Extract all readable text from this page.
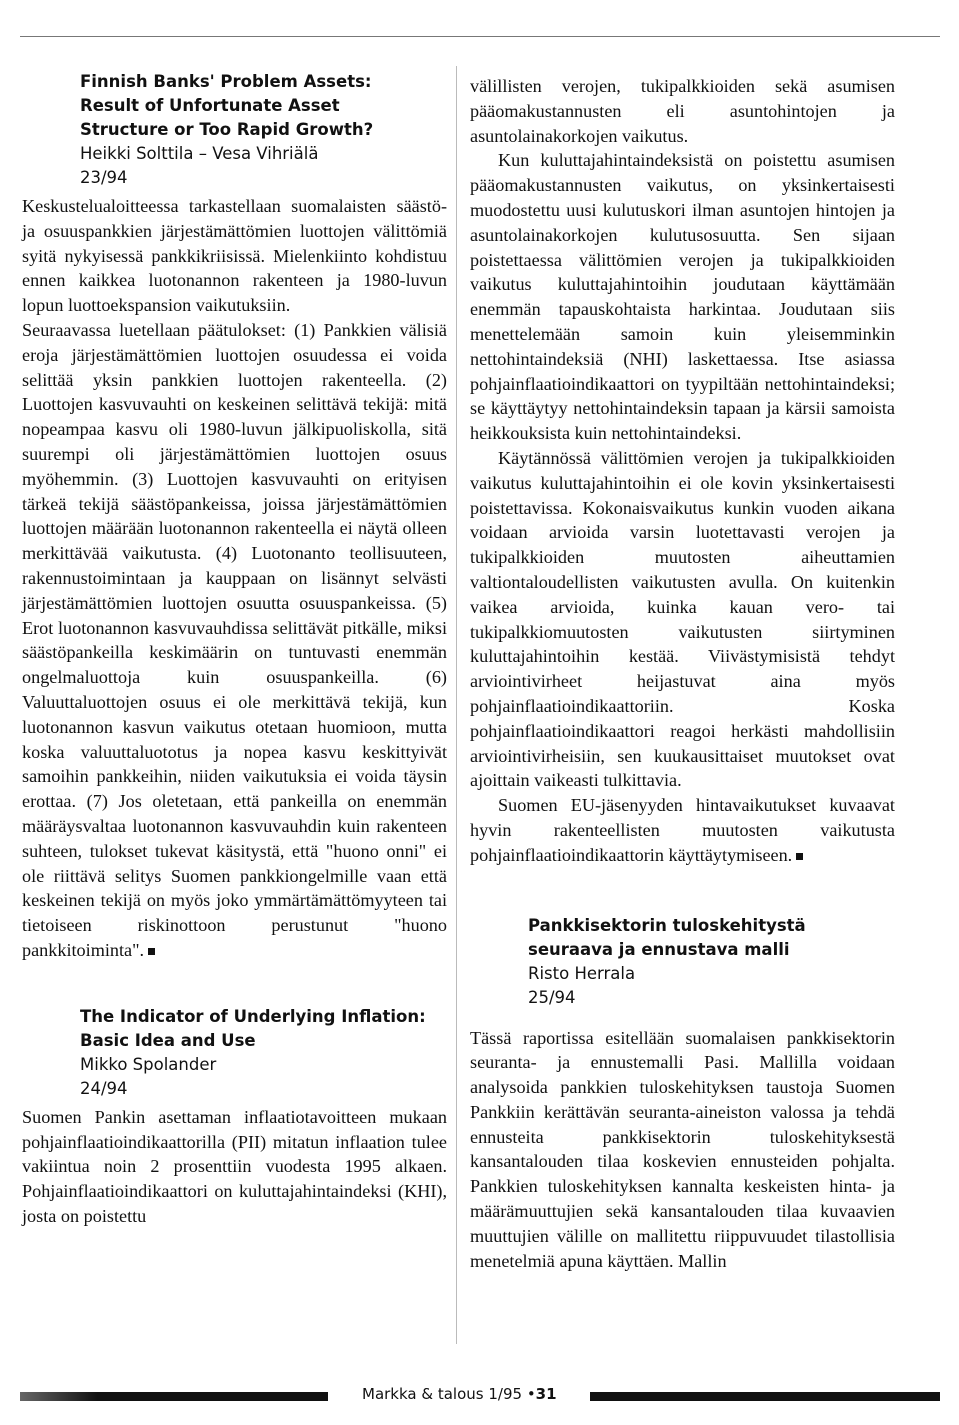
Finnish Banks' Problem Assets:
Result of Unfortunate Asset
Structure or Too Rapid Growth?
Heikki Solttila – Vesa Vihriälä
23/94

Keskustelualoitteessa tarkastellaan suomalaisten säästö- ja osuuspankkien järjestämättömien luottojen välittömiä syitä nykyisessä pankkikriisissä. Mielenkiinto kohdistuu ennen kaikkea luotonannon rakenteen ja 1980-luvun lopun luottoekspansion vaikutuksiin.

Seuraavassa luetellaan päätulokset: (1) Pankkien välisiä eroja järjestämättömien luottojen osuudessa ei voida selittää yksin pankkien luottojen rakenteella. (2) Luottojen kasvuvauhti on keskeinen selittävä tekijä: mitä nopeampaa kasvu oli 1980-luvun jälkipuoliskolla, sitä suurempi oli järjestämättömien luottojen osuus myöhemmin. (3) Luottojen kasvuvauhti on erityisen tärkeä tekijä säästöpankeissa, joissa järjestämättömien luottojen määrään luotonannon rakenteella ei näytä olleen merkittävää vaikutusta. (4) Luotonanto teollisuuteen, rakennustoimintaan ja kauppaan on lisännyt selvästi järjestämättömien luottojen osuutta osuuspankeissa. (5) Erot luotonannon kasvuvauhdissa selittävät pitkälle, miksi säästöpankeilla keskimäärin on tuntuvasti enemmän ongelmaluottoja kuin osuuspankeilla. (6) Valuuttaluottojen osuus ei ole merkittävä tekijä, kun luotonannon kasvun vaikutus otetaan huomioon, mutta koska valuuttaluototus ja nopea kasvu keskittyivät samoihin pankkeihin, niiden vaikutuksia ei voida täysin erottaa. (7) Jos oletetaan, että pankeilla on enemmän määräysvaltaa luotonannon kasvuvauhdin kuin rakenteen suhteen, tulokset tukevat käsitystä, että "huono onni" ei ole riittävä selitys Suomen pankkiongelmille vaan että keskeinen tekijä on myös joko ymmärtämättömyyteen tai tietoiseen riskinottoon perustunut "huono pankkitoiminta".

The Indicator of Underlying Inflation:
Basic Idea and Use
Mikko Spolander
24/94

Suomen Pankin asettaman inflaatiotavoitteen mukaan pohjainflaatioindikaattorilla (PII) mitatun inflaation tulee vakiintua noin 2 prosenttiin vuodesta 1995 alkaen. Pohjainflaatioindikaattori on kuluttajahintaindeksi (KHI), josta on poistettu

välillisten verojen, tukipalkkioiden sekä asumisen pääomakustannusten eli asuntohintojen ja asuntolainakorkojen vaikutus.

Kun kuluttajahintaindeksistä on poistettu asumisen pääomakustannusten vaikutus, on yksinkertaisesti muodostettu uusi kulutuskori ilman asuntojen hintojen ja asuntolainakorkojen kulutusosuutta. Sen sijaan poistettaessa välittömien verojen ja tukipalkkioiden vaikutus kuluttajahintoihin joudutaan käyttämään enemmän tapauskohtaista harkintaa. Joudutaan siis menettelemään samoin kuin yleisemminkin nettohintaindeksiä (NHI) laskettaessa. Itse asiassa pohjainflaatioindikaattori on tyypiltään nettohintaindeksi; se käyttäytyy nettohintaindeksin tapaan ja kärsii samoista heikkouksista kuin nettohintaindeksi.

Käytännössä välittömien verojen ja tukipalkkioiden vaikutus kuluttajahintoihin ei ole kovin yksinkertaisesti poistettavissa. Kokonaisvaikutus kunkin vuoden aikana voidaan arvioida varsin luotettavasti verojen ja tukipalkkioiden muutosten aiheuttamien valtiontaloudellisten vaikutusten avulla. On kuitenkin vaikea arvioida, kuinka kauan vero- tai tukipalkkiomuutosten vaikutusten siirtyminen kuluttajahintoihin kestää. Viivästymisistä tehdyt arviointivirheet heijastuvat aina myös pohjainflaatioindikaattoriin. Koska pohjainflaatioindikaattori reagoi herkästi mahdollisiin arviointivirheisiin, sen kuukausittaiset muutokset ovat ajoittain vaikeasti tulkittavia.

Suomen EU-jäsenyyden hintavaikutukset kuvaavat hyvin rakenteellisten muutosten vaikutusta pohjainflaatioindikaattorin käyttäytymiseen.

Pankkisektorin tuloskehitystä
seuraava ja ennustava malli
Risto Herrala
25/94

Tässä raportissa esitellään suomalaisen pankkisektorin seuranta- ja ennustemalli Pasi. Mallilla voidaan analysoida pankkien tuloskehityksen taustoja Suomen Pankkiin kerättävän seuranta-aineiston valossa ja tehdä ennusteita pankkisektorin tuloskehityksestä kansantalouden tilaa koskevien ennusteiden pohjalta. Pankkien tuloskehityksen kannalta keskeisten hinta- ja määrämuuttujien sekä kansantalouden tilaa kuvaavien muuttujien välille on mallitettu riippuvuudet tilastollisia menetelmiä apuna käyttäen. Mallin

Markka & talous 1/95 •31
